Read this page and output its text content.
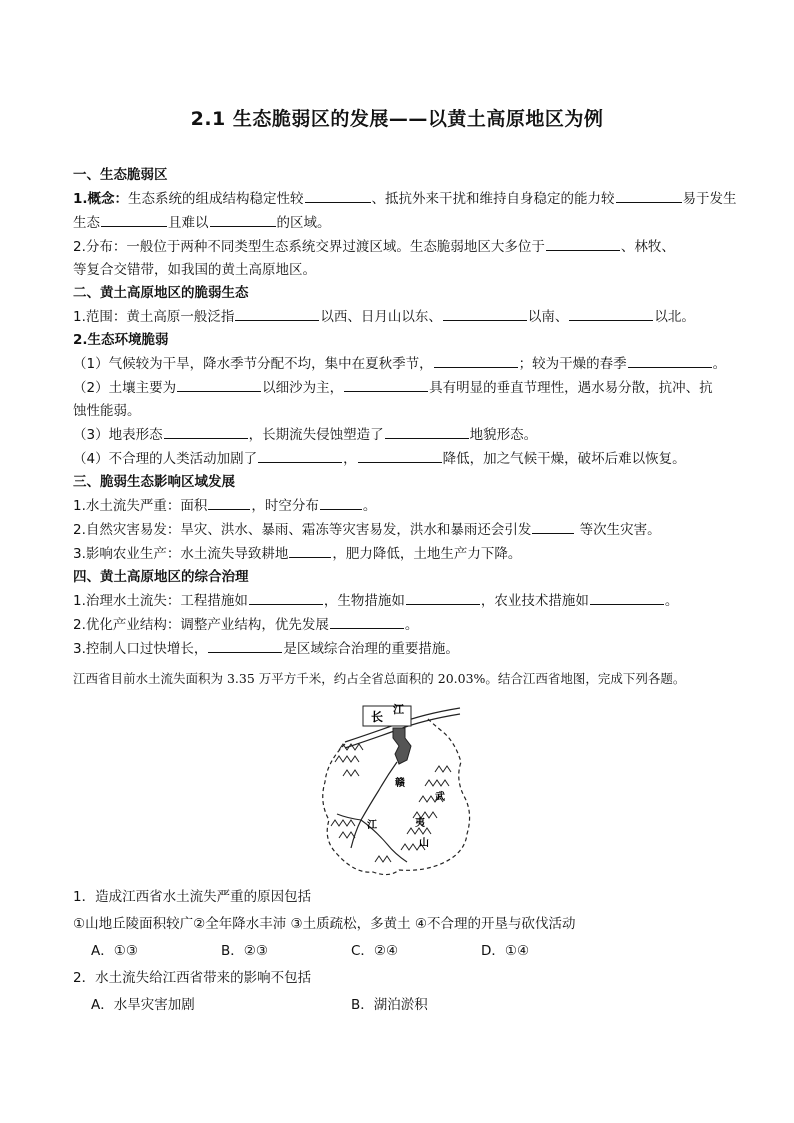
2.1 生态脆弱区的发展——以黄土高原地区为例
一、生态脆弱区
1.概念：生态系统的组成结构稳定性较	、抵抗外来干扰和维持自身稳定的能力较	易于发生
生态	且难以	的区域。
2.分布：一般位于两种不同类型生态系统交界过渡区域。生态脆弱地区大多位于	、林牧、
等复合交错带，如我国的黄土高原地区。
二、黄土高原地区的脆弱生态
1.范围：黄土高原一般泛指	以西、日月山以东、	以南、	以北。
2.生态环境脆弱
（1）气候较为干旱，降水季节分配不均，集中在夏秋季节，	；较为干燥的春季	。
（2）土壤主要为	以细沙为主，	具有明显的垂直节理性，遇水易分散，抗冲、抗
蚀性能弱。
（3）地表形态	，长期流失侵蚀塑造了	地貌形态。
（4）不合理的人类活动加剧了	，	降低，加之气候干燥，破坏后难以恢复。
三、脆弱生态影响区域发展
1.水土流失严重：面积	，时空分布	。
2.自然灾害易发：旱灾、洪水、暴雨、霜冻等灾害易发，洪水和暴雨还会引发	等次生灾害。
3.影响农业生产：水土流失导致耕地	，肥力降低，土地生产力下降。
四、黄土高原地区的综合治理
1.治理水土流失：工程措施如	，生物措施如	，农业技术措施如	。
2.优化产业结构：调整产业结构，优先发展	。
3.控制人口过快增长，	是区域综合治理的重要措施。
江西省目前水土流失面积为 3.35 万平方千米，约占全省总面积的 20.03%。结合江西省地图，完成下列各题。
长
江
赣
江
武
夷
山
1．造成江西省水土流失严重的原因包括
①山地丘陵面积较广②全年降水丰沛 ③土质疏松，多黄土 ④不合理的开垦与砍伐活动
A．①③	B．②③	C．②④	D．①④
2．水土流失给江西省带来的影响不包括
A．水旱灾害加剧	B．湖泊淤积
